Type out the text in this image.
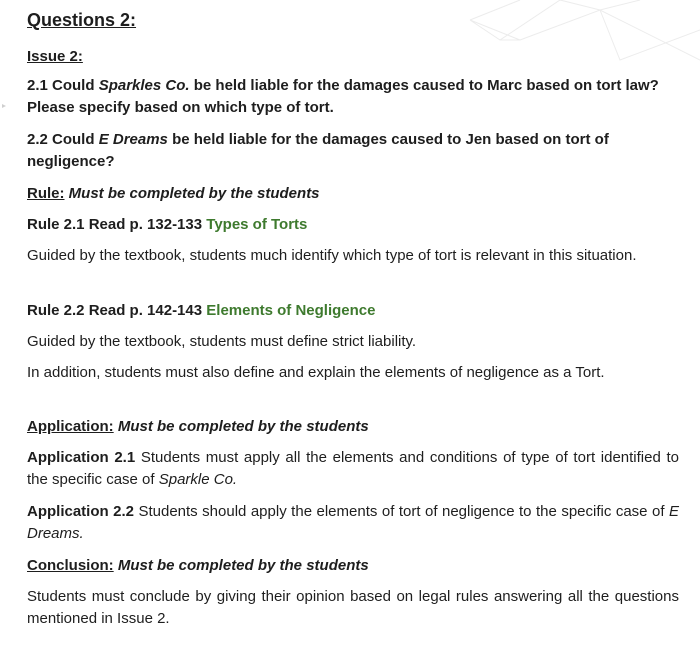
Questions 2:
Issue 2:

2.1 Could Sparkles Co. be held liable for the damages caused to Marc based on tort law? Please specify based on which type of tort.

2.2 Could E Dreams be held liable for the damages caused to Jen based on tort of negligence?

Rule: Must be completed by the students

Rule 2.1 Read p. 132-133 Types of Torts

Guided by the textbook, students much identify which type of tort is relevant in this situation.

Rule 2.2 Read p. 142-143 Elements of Negligence

Guided by the textbook, students must define strict liability.

In addition, students must also define and explain the elements of negligence as a Tort.

Application: Must be completed by the students

Application 2.1 Students must apply all the elements and conditions of type of tort identified to the specific case of Sparkle Co.

Application 2.2 Students should apply the elements of tort of negligence to the specific case of E Dreams.

Conclusion: Must be completed by the students

Students must conclude by giving their opinion based on legal rules answering all the questions mentioned in Issue 2.
